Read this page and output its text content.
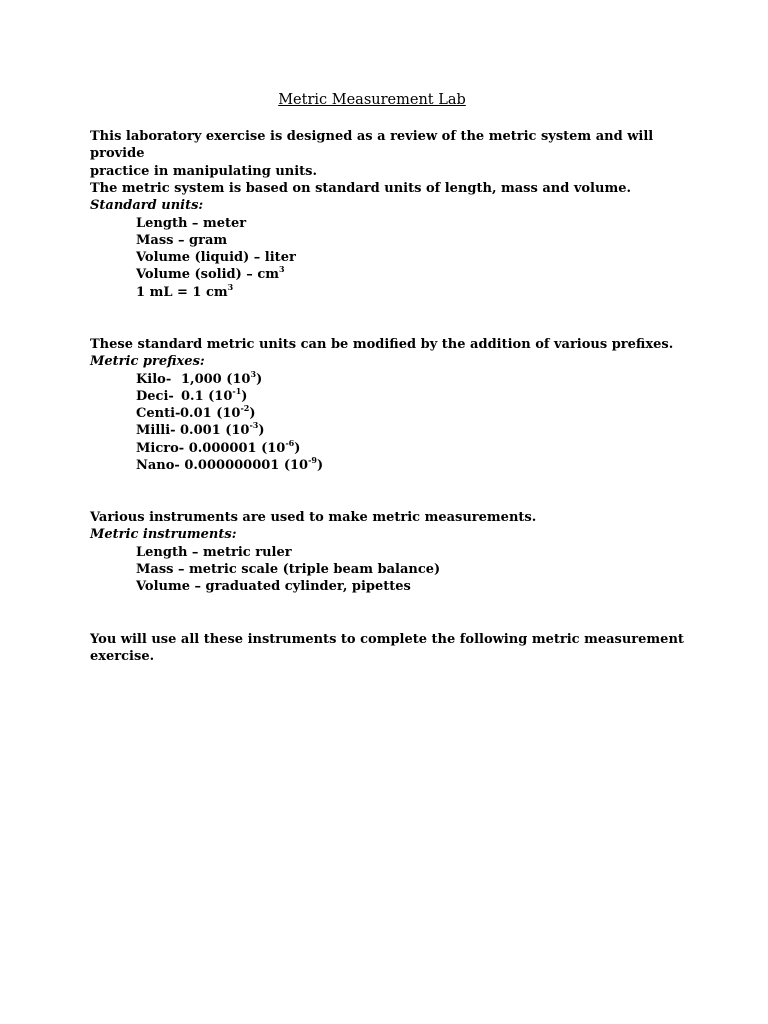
Metric Measurement Lab
This laboratory exercise is designed as a review of the metric system and will provide
practice in manipulating units.
The metric system is based on standard units of length, mass and volume.
Standard units:
Length – meter
Mass – gram
Volume (liquid) – liter
Volume (solid) – $cm^3$
1 mL = 1 $cm^3$
These standard metric units can be modified by the addition of various prefixes.
Metric prefixes:
Kilo- 1,000 $(10^3)$
Deci- 0.1 $(10^{-1})$
Centi-0.01 $(10^{-2})$
Milli- 0.001 $(10^{-3})$
Micro- 0.000001 $(10^{-6})$
Nano- 0.000000001 $(10^{-9})$
Various instruments are used to make metric measurements.
Metric instruments:
Length – metric ruler
Mass – metric scale (triple beam balance)
Volume – graduated cylinder, pipettes
You will use all these instruments to complete the following metric measurement
exercise.
